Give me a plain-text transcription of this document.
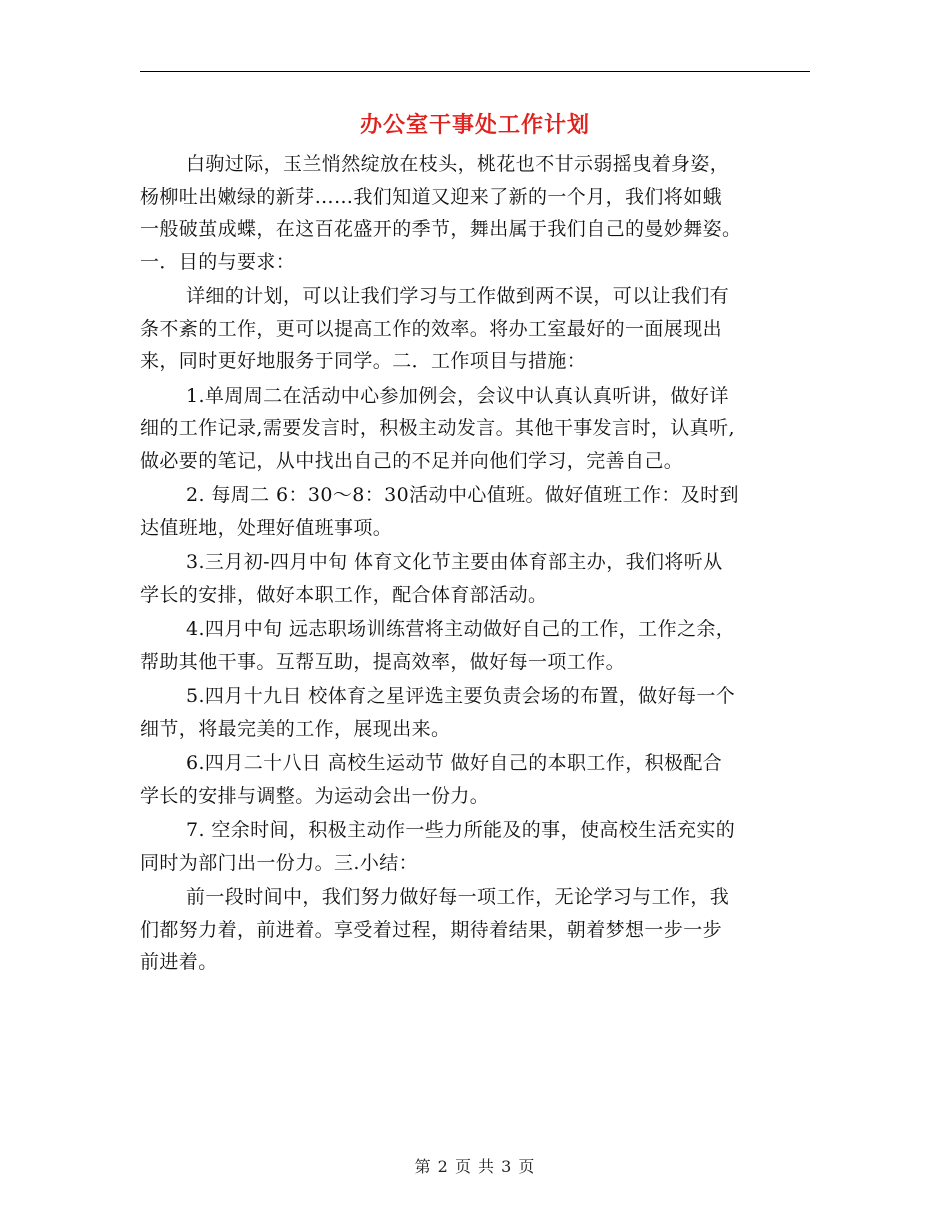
办公室干事处工作计划
白驹过际，玉兰悄然绽放在枝头，桃花也不甘示弱摇曳着身姿，
杨柳吐出嫩绿的新芽……我们知道又迎来了新的一个月，我们将如蛾
一般破茧成蝶，在这百花盛开的季节，舞出属于我们自己的曼妙舞姿。
一．目的与要求：
详细的计划，可以让我们学习与工作做到两不误，可以让我们有
条不紊的工作，更可以提高工作的效率。将办工室最好的一面展现出
来，同时更好地服务于同学。二．工作项目与措施：
1.单周周二在活动中心参加例会，会议中认真认真听讲，做好详
细的工作记录,需要发言时，积极主动发言。其他干事发言时，认真听,
做必要的笔记，从中找出自己的不足并向他们学习，完善自己。
2. 每周二 6：30～8：30活动中心值班。做好值班工作：及时到
达值班地，处理好值班事项。
3.三月初-四月中旬 体育文化节主要由体育部主办，我们将听从
学长的安排，做好本职工作，配合体育部活动。
4.四月中旬 远志职场训练营将主动做好自己的工作，工作之余，
帮助其他干事。互帮互助，提高效率，做好每一项工作。
5.四月十九日 校体育之星评选主要负责会场的布置，做好每一个
细节，将最完美的工作，展现出来。
6.四月二十八日 高校生运动节 做好自己的本职工作，积极配合
学长的安排与调整。为运动会出一份力。
7. 空余时间，积极主动作一些力所能及的事，使高校生活充实的
同时为部门出一份力。三.小结：
前一段时间中，我们努力做好每一项工作，无论学习与工作，我
们都努力着，前进着。享受着过程，期待着结果，朝着梦想一步一步
前进着。
第 2 页 共 3 页
